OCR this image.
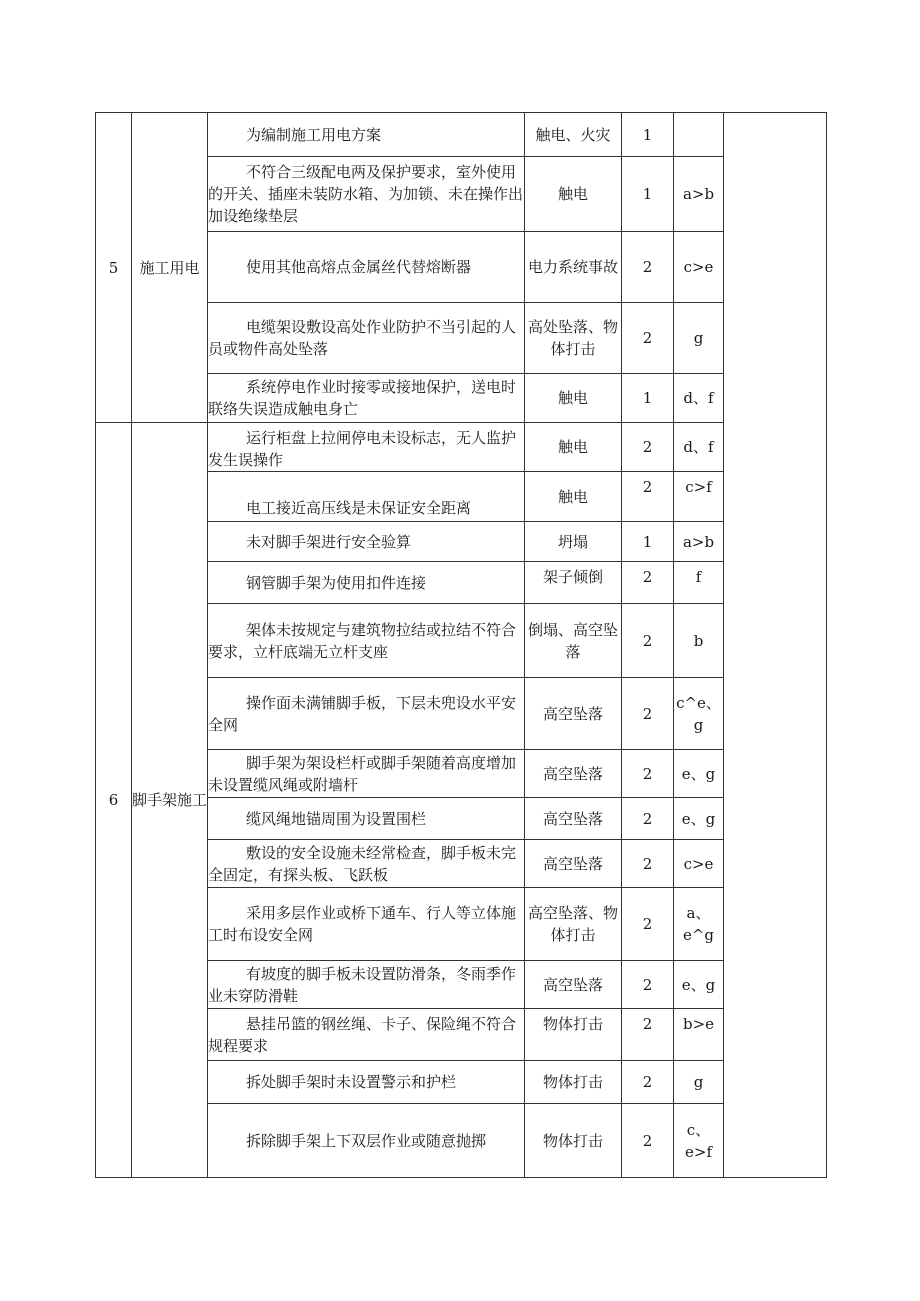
5	施工用电	为编制施工用电方案	触电、火灾	1		
		不符合三级配电两及保护要求，室外使用的开关、插座未装防水箱、为加锁、未在操作出加设绝缘垫层	触电	1	a>b	
		使用其他高熔点金属丝代替熔断器	电力系统事故	2	c>e	
		电缆架设敷设高处作业防护不当引起的人员或物件高处坠落	高处坠落、物体打击	2	g	
		系统停电作业时接零或接地保护，送电时联络失误造成触电身亡	触电	1	d、f	
6	脚手架施工	运行柜盘上拉闸停电未设标志，无人监护发生误操作	触电	2	d、f	
		电工接近高压线是未保证安全距离	触电	2	c>f	
		未对脚手架进行安全验算	坍塌	1	a>b	
		钢管脚手架为使用扣件连接	架子倾倒	2	f	
		架体未按规定与建筑物拉结或拉结不符合要求，立杆底端无立杆支座	倒塌、高空坠落	2	b	
		操作面未满铺脚手板，下层未兜设水平安全网	高空坠落	2	c^e、g	
		脚手架为架设栏杆或脚手架随着高度增加未设置缆风绳或附墙杆	高空坠落	2	e、g	
		缆风绳地锚周围为设置围栏	高空坠落	2	e、g	
		敷设的安全设施未经常检查，脚手板未完全固定，有探头板、飞跃板	高空坠落	2	c>e	
		采用多层作业或桥下通车、行人等立体施工时布设安全网	高空坠落、物体打击	2	a、e^g	
		有坡度的脚手板未设置防滑条，冬雨季作业未穿防滑鞋	高空坠落	2	e、g	
		悬挂吊篮的钢丝绳、卡子、保险绳不符合规程要求	物体打击	2	b>e	
		拆处脚手架时未设置警示和护栏	物体打击	2	g	
		拆除脚手架上下双层作业或随意抛掷	物体打击	2	c、e>f	
